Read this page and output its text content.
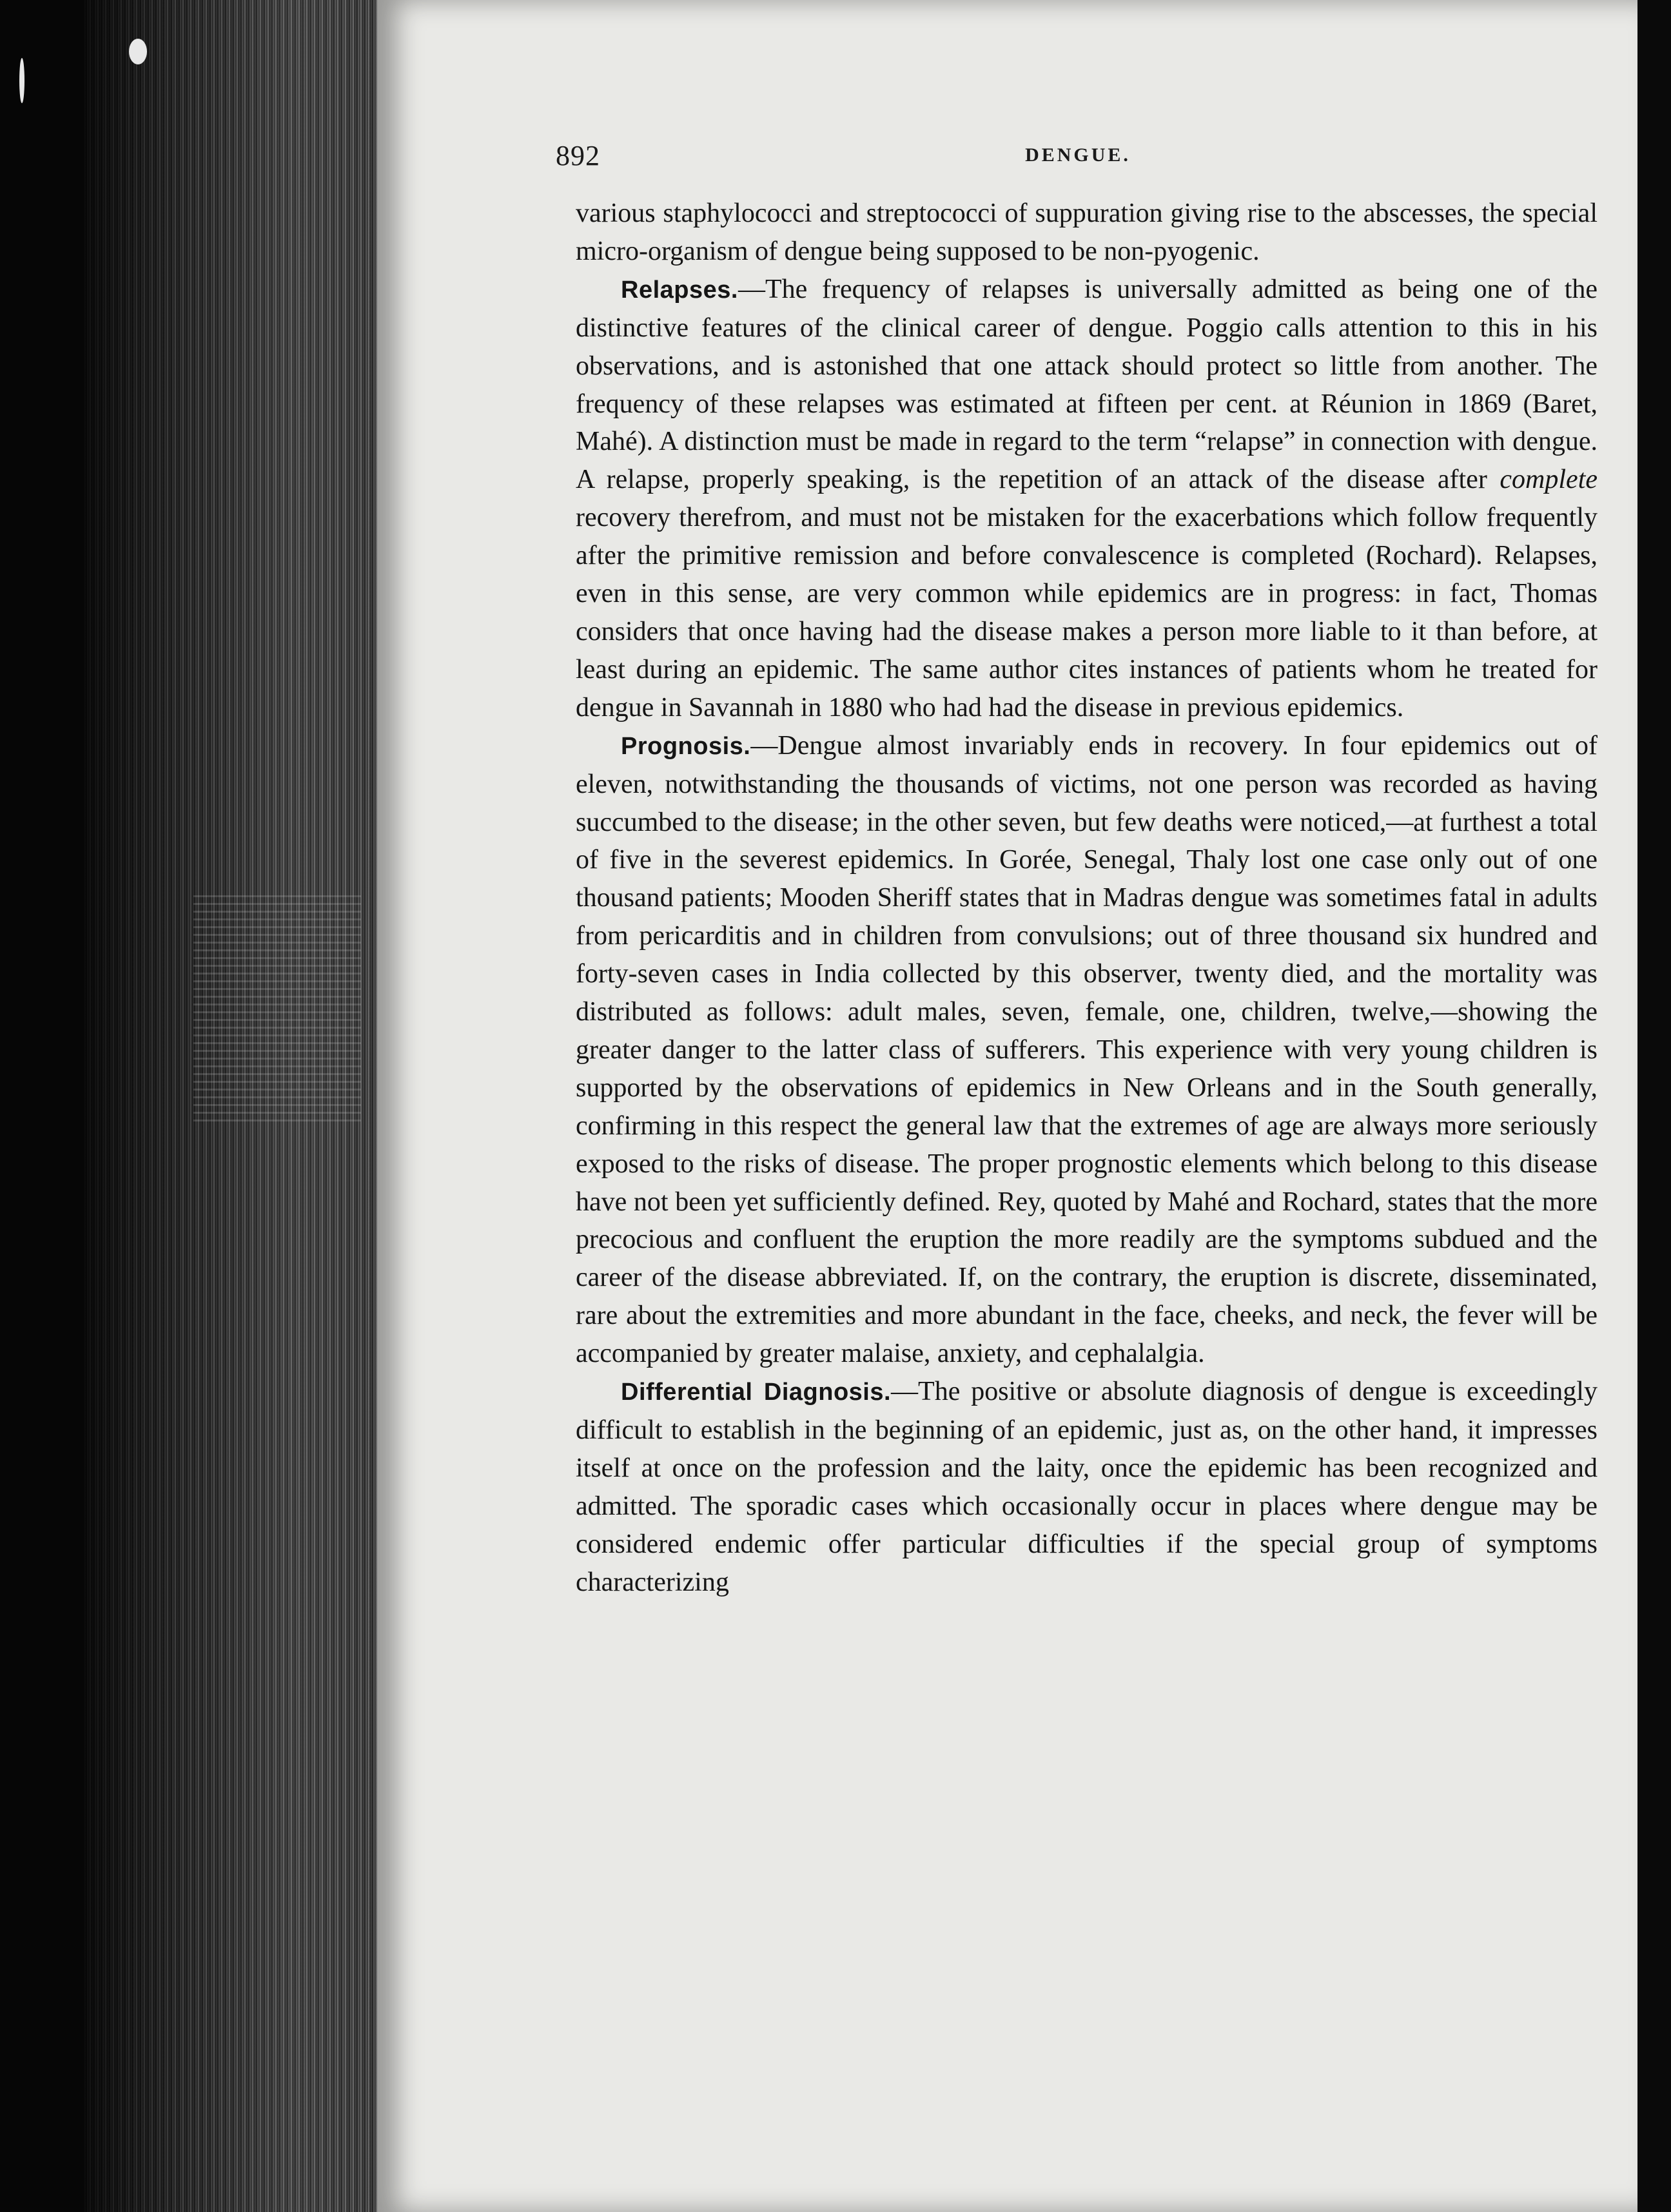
892	DENGUE.

various staphylococci and streptococci of suppuration giving rise to the abscesses, the special micro-organism of dengue being supposed to be non-pyogenic.

Relapses.—The frequency of relapses is universally admitted as being one of the distinctive features of the clinical career of dengue. Poggio calls attention to this in his observations, and is astonished that one attack should protect so little from another. The frequency of these relapses was estimated at fifteen per cent. at Réunion in 1869 (Baret, Mahé). A distinction must be made in regard to the term “relapse” in connection with dengue. A relapse, properly speaking, is the repetition of an attack of the disease after complete recovery therefrom, and must not be mistaken for the exacerbations which follow frequently after the primitive remission and before convalescence is completed (Rochard). Relapses, even in this sense, are very common while epidemics are in progress: in fact, Thomas considers that once having had the disease makes a person more liable to it than before, at least during an epidemic. The same author cites instances of patients whom he treated for dengue in Savannah in 1880 who had had the disease in previous epidemics.

Prognosis.—Dengue almost invariably ends in recovery. In four epidemics out of eleven, notwithstanding the thousands of victims, not one person was recorded as having succumbed to the disease; in the other seven, but few deaths were noticed,—at furthest a total of five in the severest epidemics. In Gorée, Senegal, Thaly lost one case only out of one thousand patients; Mooden Sheriff states that in Madras dengue was sometimes fatal in adults from pericarditis and in children from convulsions; out of three thousand six hundred and forty-seven cases in India collected by this observer, twenty died, and the mortality was distributed as follows: adult males, seven, female, one, children, twelve,—showing the greater danger to the latter class of sufferers. This experience with very young children is supported by the observations of epidemics in New Orleans and in the South generally, confirming in this respect the general law that the extremes of age are always more seriously exposed to the risks of disease. The proper prognostic elements which belong to this disease have not been yet sufficiently defined. Rey, quoted by Mahé and Rochard, states that the more precocious and confluent the eruption the more readily are the symptoms subdued and the career of the disease abbreviated. If, on the contrary, the eruption is discrete, disseminated, rare about the extremities and more abundant in the face, cheeks, and neck, the fever will be accompanied by greater malaise, anxiety, and cephalalgia.

Differential Diagnosis.—The positive or absolute diagnosis of dengue is exceedingly difficult to establish in the beginning of an epidemic, just as, on the other hand, it impresses itself at once on the profession and the laity, once the epidemic has been recognized and admitted. The sporadic cases which occasionally occur in places where dengue may be considered endemic offer particular difficulties if the special group of symptoms characterizing
